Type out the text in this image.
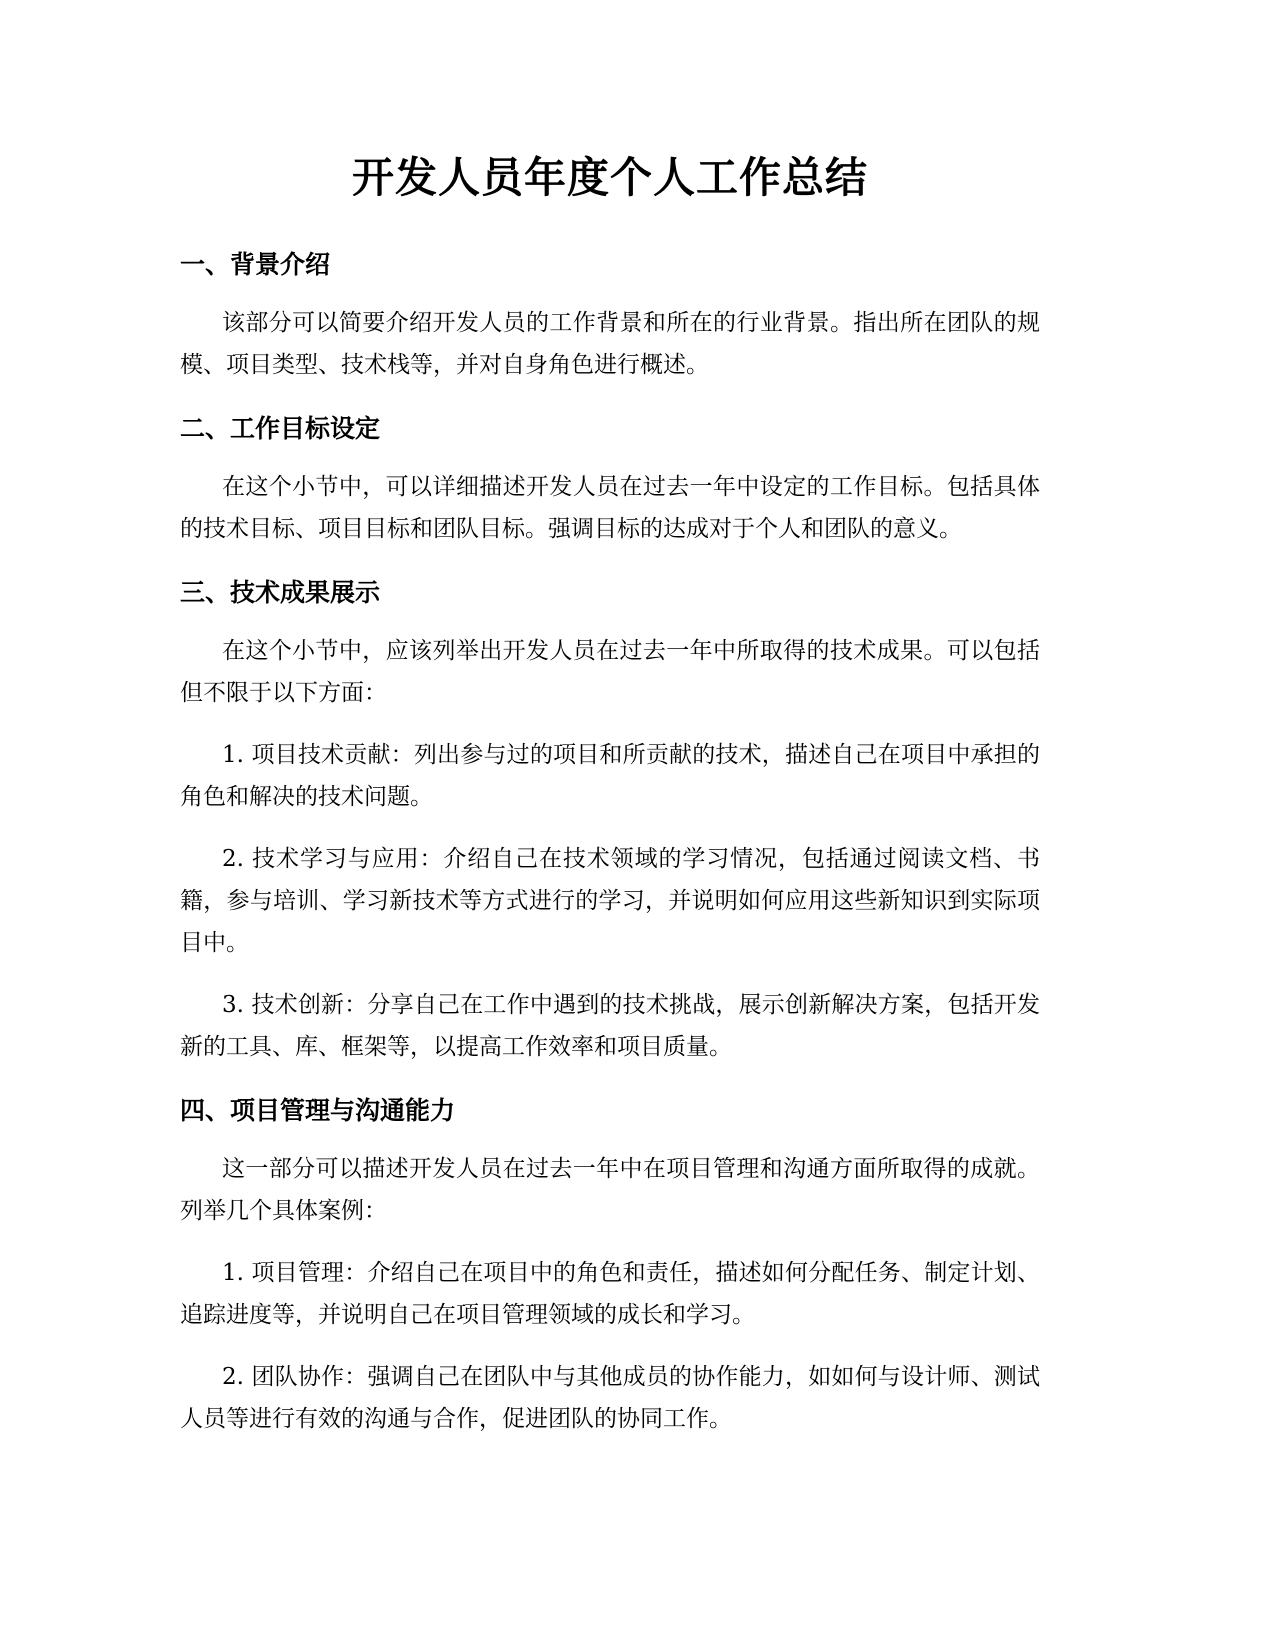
开发人员年度个人工作总结
一、背景介绍

该部分可以简要介绍开发人员的工作背景和所在的行业背景。指出所在团队的规模、项目类型、技术栈等，并对自身角色进行概述。

二、工作目标设定

在这个小节中，可以详细描述开发人员在过去一年中设定的工作目标。包括具体的技术目标、项目目标和团队目标。强调目标的达成对于个人和团队的意义。

三、技术成果展示

在这个小节中，应该列举出开发人员在过去一年中所取得的技术成果。可以包括但不限于以下方面：

1. 项目技术贡献：列出参与过的项目和所贡献的技术，描述自己在项目中承担的角色和解决的技术问题。

2. 技术学习与应用：介绍自己在技术领域的学习情况，包括通过阅读文档、书籍，参与培训、学习新技术等方式进行的学习，并说明如何应用这些新知识到实际项目中。

3. 技术创新：分享自己在工作中遇到的技术挑战，展示创新解决方案，包括开发新的工具、库、框架等，以提高工作效率和项目质量。

四、项目管理与沟通能力

这一部分可以描述开发人员在过去一年中在项目管理和沟通方面所取得的成就。列举几个具体案例：

1. 项目管理：介绍自己在项目中的角色和责任，描述如何分配任务、制定计划、追踪进度等，并说明自己在项目管理领域的成长和学习。

2. 团队协作：强调自己在团队中与其他成员的协作能力，如如何与设计师、测试人员等进行有效的沟通与合作，促进团队的协同工作。
